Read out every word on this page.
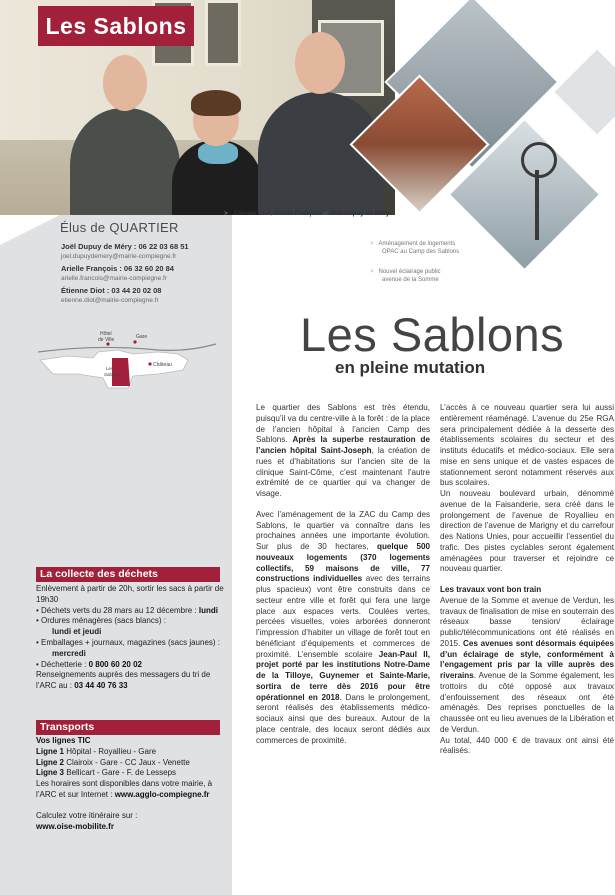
Les Sablons
> Etienne Diot, Arielle François et Joël Dupuy de Méry
> Aménagement de logements
OPAC au Camp des Sablons
> Nouvel éclairage public
avenue de la Somme
Élus de QUARTIER
Joël Dupuy de Méry : 06 22 03 68 51
joel.dupuydemery@mairie-compiegne.fr
Arielle François : 06 32 60 20 84
arielle.francois@mairie-compiegne.fr
Étienne Diot : 03 44 20 02 08
etienne.diot@mairie-compiegne.fr
Hôtel
de Ville	Gare
Château
Les
Sablons
La collecte des déchets

Enlèvement à partir de 20h, sortir les sacs à partir de 19h30

• Déchets verts du 28 mars au 12 décembre : lundi

• Ordures ménagères (sacs blancs) :

lundi et jeudi

• Emballages + journaux, magazines (sacs jaunes) :

mercredi

• Déchetterie : 0 800 60 20 02

Renseignements auprès des messagers du tri de l’ARC au : 03 44 40 76 33

Transports

Vos lignes TIC

Ligne 1 Hôpital - Royallieu - Gare

Ligne 2 Clairoix - Gare - CC Jaux - Venette

Ligne 3 Bellicart - Gare - F. de Lesseps

Les horaires sont disponibles dans votre mairie, à l’ARC et sur Internet : www.agglo-compiegne.fr

Calculez votre itinéraire sur :

www.oise-mobilite.fr

Les Sablons
en pleine mutation

Le quartier des Sablons est très étendu, puisqu’il va du centre-ville à la forêt : de la place de l’ancien hôpital à l’ancien Camp des Sablons. Après la superbe restauration de l’ancien hôpital Saint-Joseph, la création de rues et d’habitations sur l’ancien site de la clinique Saint-Côme, c’est maintenant l’autre extrémité de ce quartier qui va changer de visage.

Avec l’aménagement de la ZAC du Camp des Sablons, le quartier va connaître dans les prochaines années une importante évolution. Sur plus de 30 hectares, quelque 500 nouveaux logements (370 logements collectifs, 59 maisons de ville, 77 constructions individuelles avec des terrains plus spacieux) vont être construits dans ce secteur entre ville et forêt qui fera une large place aux espaces verts. Coulées vertes, percées visuelles, voies arborées donneront l’impression d’habiter un village de forêt tout en bénéficiant d’équipements et commerces de proximité. L’ensemble scolaire Jean-Paul II, projet porté par les institutions Notre-Dame de la Tilloye, Guynemer et Sainte-Marie, sortira de terre dès 2016 pour être opérationnel en 2018. Dans le prolongement, seront réalisés des établissements médico-sociaux ainsi que des bureaux. Autour de la place centrale, des locaux seront dédiés aux commerces de proximité.

L’accès à ce nouveau quartier sera lui aussi entièrement réaménagé. L’avenue du 25e RGA sera principalement dédiée à la desserte des établissements scolaires du secteur et des instituts éducatifs et médico-sociaux. Elle sera mise en sens unique et de vastes espaces de stationnement seront notamment réservés aux bus scolaires.

Un nouveau boulevard urbain, dénommé avenue de la Faisanderie, sera créé dans le prolongement de l’avenue de Royallieu en direction de l’avenue de Marigny et du carrefour des Nations Unies, pour accueillir l’essentiel du trafic. Des pistes cyclables seront également aménagées pour traverser et rejoindre ce nouveau quartier.

Les travaux vont bon train

Avenue de la Somme et avenue de Verdun, les travaux de finalisation de mise en souterrain des réseaux basse tension/ éclairage public/télécommunications ont été réalisés en 2015. Ces avenues sont désormais équipées d’un éclairage de style, conformément à l’engagement pris par la ville auprès des riverains. Avenue de la Somme également, les trottoirs du côté opposé aux travaux d’enfouissement des réseaux ont été aménagés. Des reprises ponctuelles de la chaussée ont eu lieu avenues de la Libération et de Verdun.

Au total, 440 000 € de travaux ont ainsi été réalisés.
